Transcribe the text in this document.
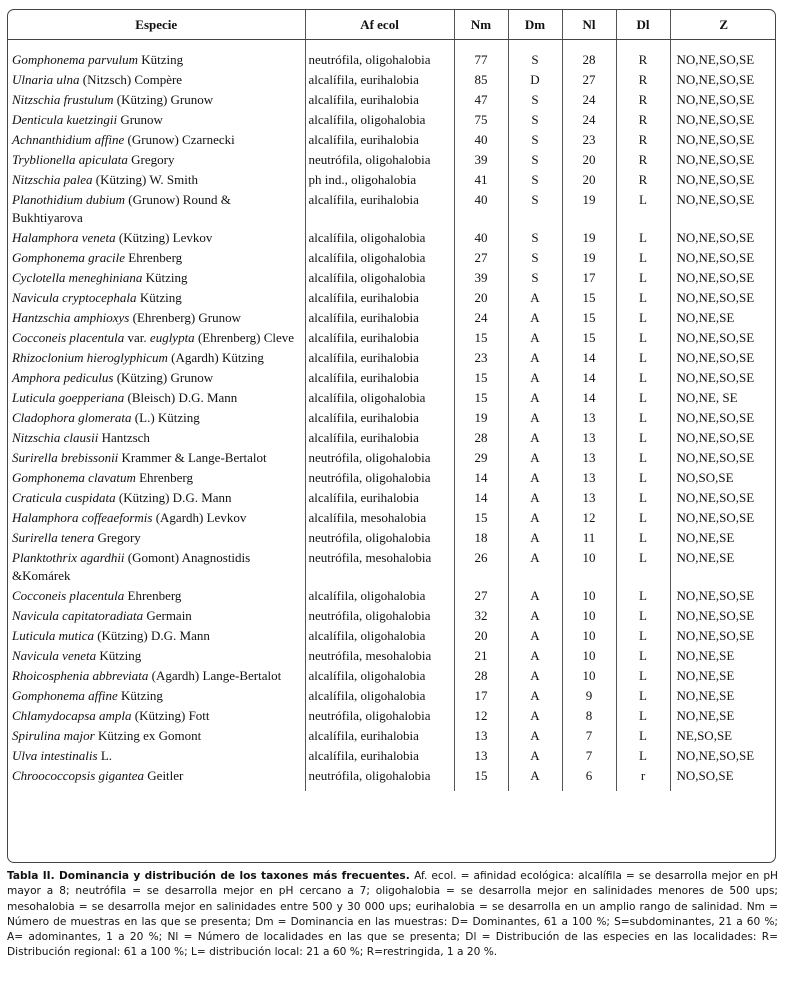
Especie	Af ecol	Nm	Dm	Nl	Dl	Z

Gomphonema parvulum Kützing	neutrófila, oligohalobia	77	S	28	R	NO,NE,SO,SE
Ulnaria ulna (Nitzsch) Compère	alcalífila, eurihalobia	85	D	27	R	NO,NE,SO,SE
Nitzschia frustulum (Kützing) Grunow	alcalífila, eurihalobia	47	S	24	R	NO,NE,SO,SE
Denticula kuetzingii Grunow	alcalífila, oligohalobia	75	S	24	R	NO,NE,SO,SE
Achnanthidium affine (Grunow) Czarnecki	alcalífila, eurihalobia	40	S	23	R	NO,NE,SO,SE
Tryblionella apiculata Gregory	neutrófila, oligohalobia	39	S	20	R	NO,NE,SO,SE
Nitzschia palea (Kützing) W. Smith	ph ind., oligohalobia	41	S	20	R	NO,NE,SO,SE
Planothidium dubium (Grunow) Round & Bukhtiyarova	alcalífila, eurihalobia	40	S	19	L	NO,NE,SO,SE
Halamphora veneta (Kützing) Levkov	alcalífila, oligohalobia	40	S	19	L	NO,NE,SO,SE
Gomphonema gracile Ehrenberg	alcalífila, oligohalobia	27	S	19	L	NO,NE,SO,SE
Cyclotella meneghiniana Kützing	alcalífila, oligohalobia	39	S	17	L	NO,NE,SO,SE
Navicula cryptocephala Kützing	alcalífila, eurihalobia	20	A	15	L	NO,NE,SO,SE
Hantzschia amphioxys (Ehrenberg) Grunow	alcalífila, eurihalobia	24	A	15	L	NO,NE,SE
Cocconeis placentula var. euglypta (Ehrenberg) Cleve	alcalífila, eurihalobia	15	A	15	L	NO,NE,SO,SE
Rhizoclonium hieroglyphicum (Agardh) Kützing	alcalífila, eurihalobia	23	A	14	L	NO,NE,SO,SE
Amphora pediculus (Kützing) Grunow	alcalífila, eurihalobia	15	A	14	L	NO,NE,SO,SE
Luticula goepperiana (Bleisch) D.G. Mann	alcalífila, oligohalobia	15	A	14	L	NO,NE, SE
Cladophora glomerata (L.) Kützing	alcalífila, eurihalobia	19	A	13	L	NO,NE,SO,SE
Nitzschia clausii Hantzsch	alcalífila, eurihalobia	28	A	13	L	NO,NE,SO,SE
Surirella brebissonii Krammer & Lange-Bertalot	neutrófila, oligohalobia	29	A	13	L	NO,NE,SO,SE
Gomphonema clavatum Ehrenberg	neutrófila, oligohalobia	14	A	13	L	NO,SO,SE
Craticula cuspidata (Kützing) D.G. Mann	alcalífila, eurihalobia	14	A	13	L	NO,NE,SO,SE
Halamphora coffeaeformis (Agardh) Levkov	alcalífila, mesohalobia	15	A	12	L	NO,NE,SO,SE
Surirella tenera Gregory	neutrófila, oligohalobia	18	A	11	L	NO,NE,SE
Planktothrix agardhii (Gomont) Anagnostidis &Komárek	neutrófila, mesohalobia	26	A	10	L	NO,NE,SE
Cocconeis placentula Ehrenberg	alcalífila, oligohalobia	27	A	10	L	NO,NE,SO,SE
Navicula capitatoradiata Germain	neutrófila, oligohalobia	32	A	10	L	NO,NE,SO,SE
Luticula mutica (Kützing) D.G. Mann	alcalífila, oligohalobia	20	A	10	L	NO,NE,SO,SE
Navicula veneta Kützing	neutrófila, mesohalobia	21	A	10	L	NO,NE,SE
Rhoicosphenia abbreviata (Agardh) Lange-Bertalot	alcalífila, oligohalobia	28	A	10	L	NO,NE,SE
Gomphonema affine Kützing	alcalífila, oligohalobia	17	A	9	L	NO,NE,SE
Chlamydocapsa ampla (Kützing) Fott	neutrófila, oligohalobia	12	A	8	L	NO,NE,SE
Spirulina major Kützing ex Gomont	alcalífila, eurihalobia	13	A	7	L	NE,SO,SE
Ulva intestinalis L.	alcalífila, eurihalobia	13	A	7	L	NO,NE,SO,SE
Chroococcopsis gigantea Geitler	neutrófila, oligohalobia	15	A	6	r	NO,SO,SE
Tabla II. Dominancia y distribución de los taxones más frecuentes. Af. ecol. = afinidad ecológica: alcalífila = se desarrolla mejor en pH mayor a 8; neutrófila = se desarrolla mejor en pH cercano a 7; oligohalobia = se desarrolla mejor en salinidades menores de 500 ups; mesohalobia = se desarrolla mejor en salinidades entre 500 y 30 000 ups; eurihalobia = se desarrolla en un amplio rango de salinidad. Nm = Número de muestras en las que se presenta; Dm = Dominancia en las muestras: D= Dominantes, 61 a 100 %; S=subdominantes, 21 a 60 %; A= adominantes, 1 a 20 %; Nl = Número de localidades en las que se presenta; Dl = Distribución de las especies en las localidades: R= Distribución regional: 61 a 100 %; L= distribución local: 21 a 60 %; R=restringida, 1 a 20 %.
